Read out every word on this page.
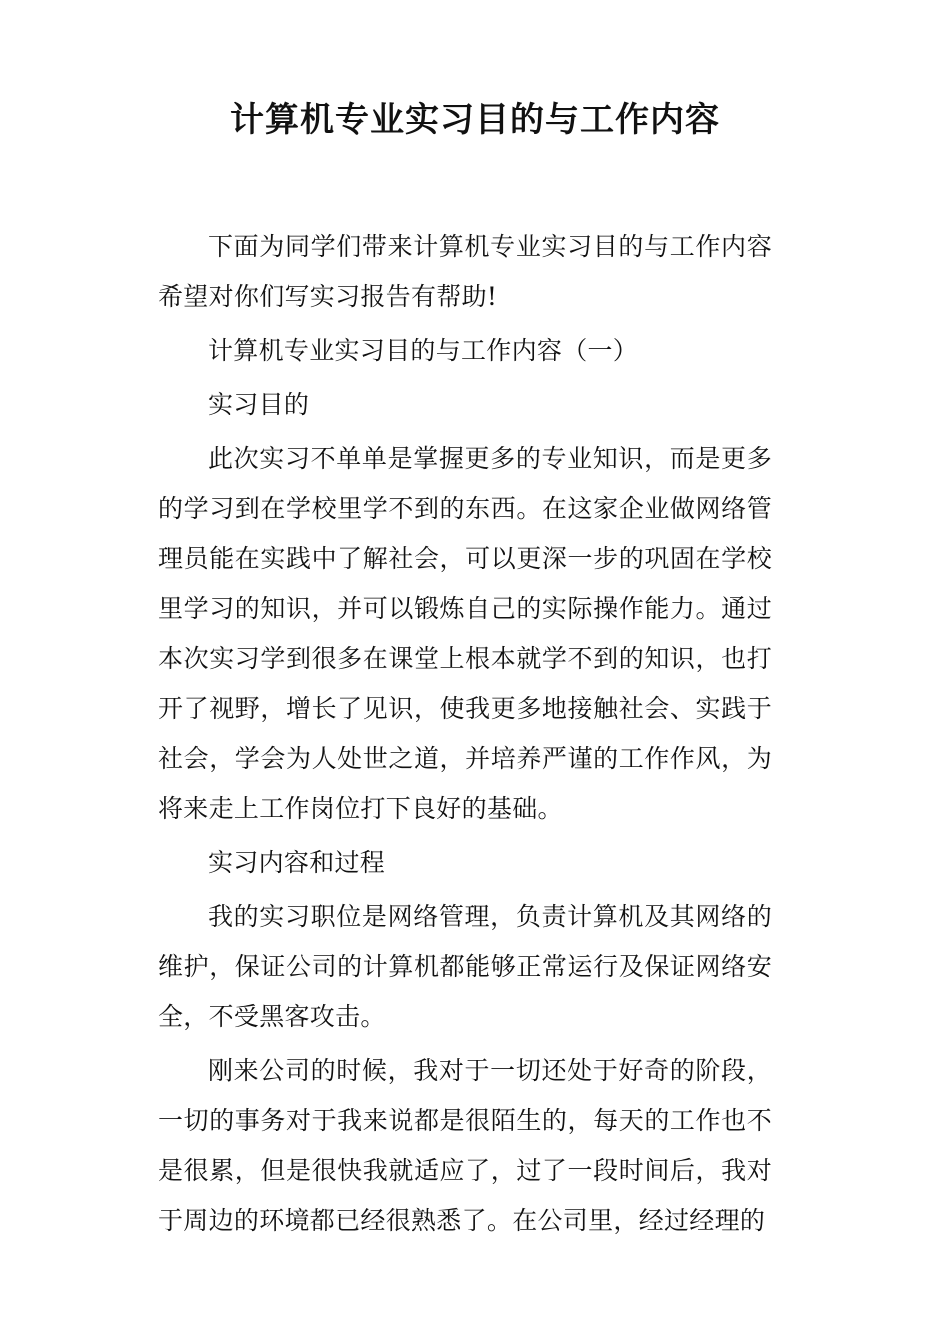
计算机专业实习目的与工作内容

下面为同学们带来计算机专业实习目的与工作内容希望对你们写实习报告有帮助!

计算机专业实习目的与工作内容（一）

实习目的

此次实习不单单是掌握更多的专业知识，而是更多的学习到在学校里学不到的东西。在这家企业做网络管理员能在实践中了解社会，可以更深一步的巩固在学校里学习的知识，并可以锻炼自己的实际操作能力。通过本次实习学到很多在课堂上根本就学不到的知识，也打开了视野，增长了见识，使我更多地接触社会、实践于社会，学会为人处世之道，并培养严谨的工作作风，为将来走上工作岗位打下良好的基础。

实习内容和过程

我的实习职位是网络管理，负责计算机及其网络的维护，保证公司的计算机都能够正常运行及保证网络安全，不受黑客攻击。

刚来公司的时候，我对于一切还处于好奇的阶段，一切的事务对于我来说都是很陌生的，每天的工作也不是很累，但是很快我就适应了，过了一段时间后，我对于周边的环境都已经很熟悉了。在公司里，经过经理的
